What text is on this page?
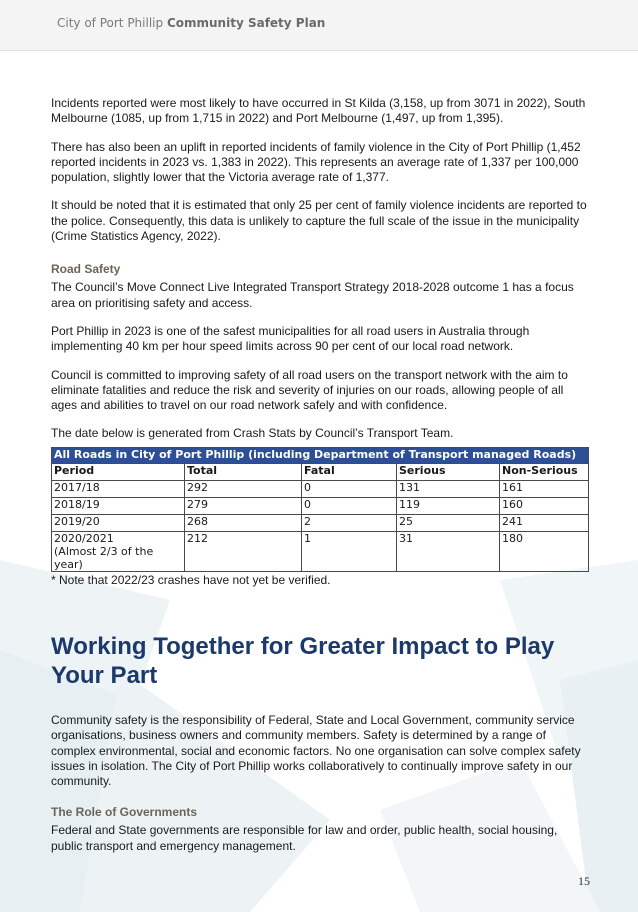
City of Port Phillip Community Safety Plan

Incidents reported were most likely to have occurred in St Kilda (3,158, up from 3071 in 2022), South Melbourne (1085, up from 1,715 in 2022) and Port Melbourne (1,497, up from 1,395).

There has also been an uplift in reported incidents of family violence in the City of Port Phillip (1,452 reported incidents in 2023 vs. 1,383 in 2022). This represents an average rate of 1,337 per 100,000 population, slightly lower that the Victoria average rate of 1,377.

It should be noted that it is estimated that only 25 per cent of family violence incidents are reported to the police. Consequently, this data is unlikely to capture the full scale of the issue in the municipality (Crime Statistics Agency, 2022).

Road Safety

The Council’s Move Connect Live Integrated Transport Strategy 2018-2028 outcome 1 has a focus area on prioritising safety and access.

Port Phillip in 2023 is one of the safest municipalities for all road users in Australia through implementing 40 km per hour speed limits across 90 per cent of our local road network.

Council is committed to improving safety of all road users on the transport network with the aim to eliminate fatalities and reduce the risk and severity of injuries on our roads, allowing people of all ages and abilities to travel on our road network safely and with confidence.

The date below is generated from Crash Stats by Council’s Transport Team.

All Roads in City of Port Phillip (including Department of Transport managed Roads)				
Period	Total	Fatal	Serious	Non-Serious
2017/18	292	0	131	161
2018/19	279	0	119	160
2019/20	268	2	25	241

2020/2021
(Almost 2/3 of the year)	212	1	31	180
* Note that 2022/23 crashes have not yet be verified.
Working Together for Greater Impact to Play Your Part

Community safety is the responsibility of Federal, State and Local Government, community service organisations, business owners and community members. Safety is determined by a range of complex environmental, social and economic factors. No one organisation can solve complex safety issues in isolation. The City of Port Phillip works collaboratively to continually improve safety in our community.

The Role of Governments

Federal and State governments are responsible for law and order, public health, social housing, public transport and emergency management.

15
